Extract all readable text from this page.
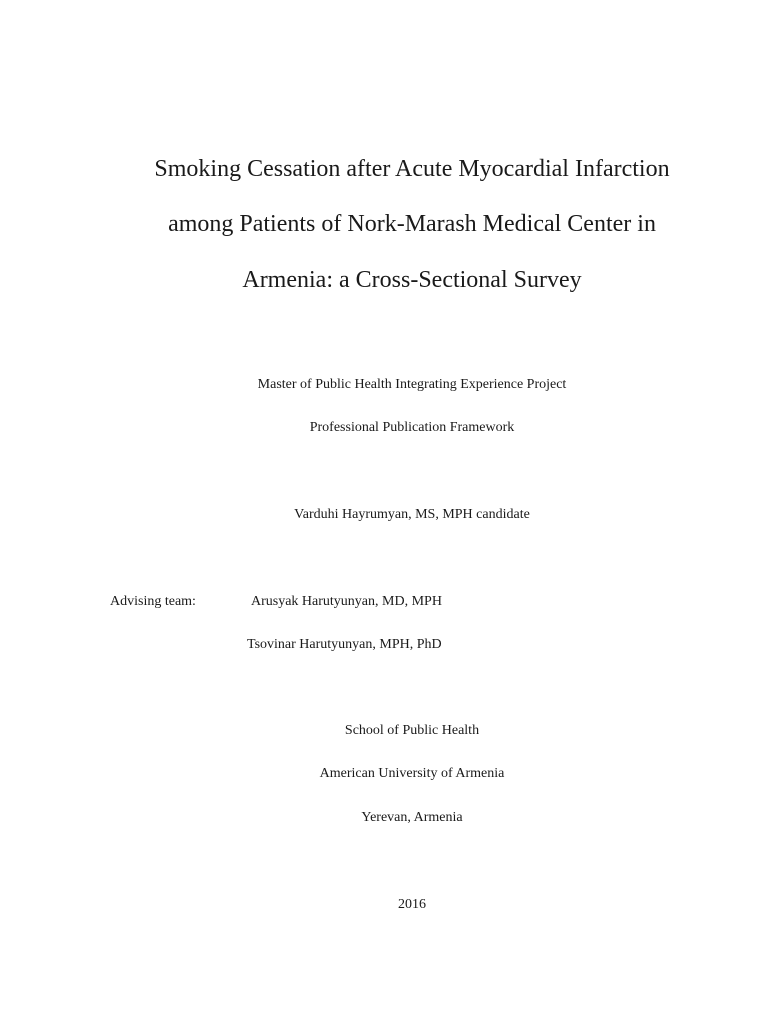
Smoking Cessation after Acute Myocardial Infarction
among Patients of Nork-Marash Medical Center in
Armenia: a Cross-Sectional Survey
Master of Public Health Integrating Experience Project
Professional Publication Framework
Varduhi Hayrumyan, MS, MPH candidate
Advising team:	Arusyak Harutyunyan, MD, MPH
Tsovinar Harutyunyan, MPH, PhD
School of Public Health
American University of Armenia
Yerevan, Armenia
2016
